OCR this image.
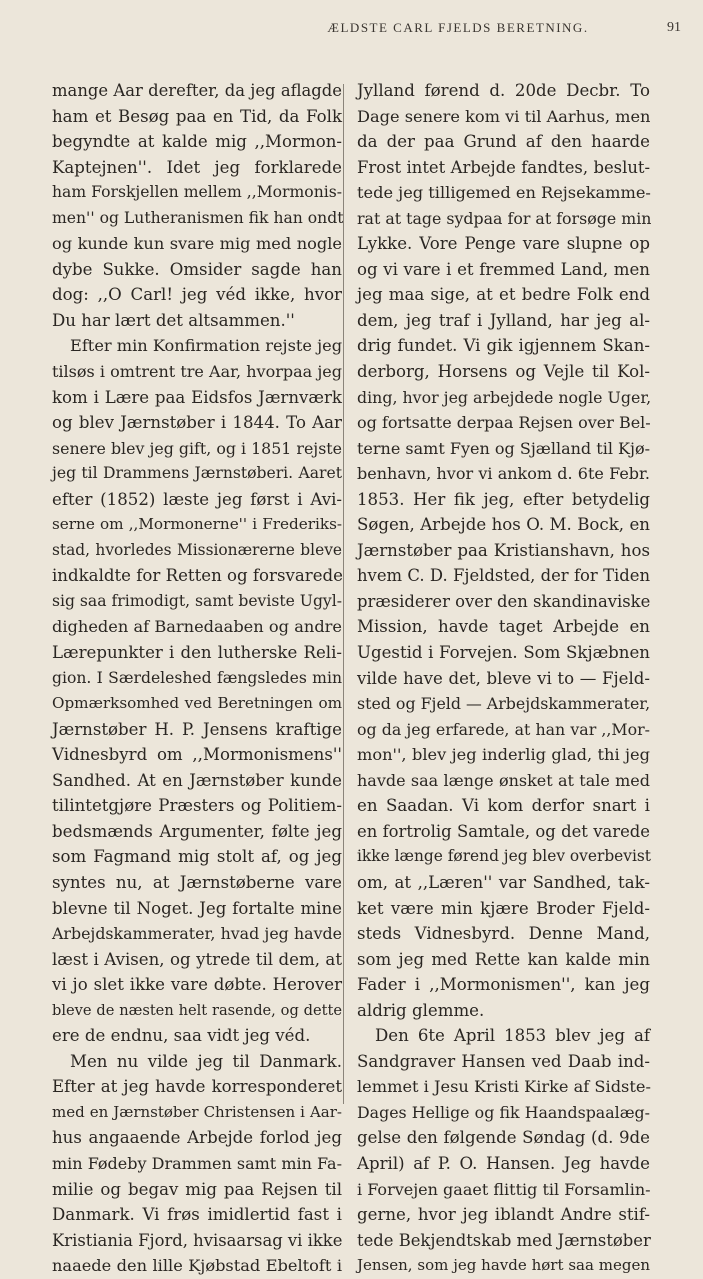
ÆLDSTE CARL FJELDS BERETNING.	91
mange Aar derefter, da jeg aflagde
ham et Besøg paa en Tid, da Folk
begyndte at kalde mig ,,Mormon-
Kaptejnen''. Idet jeg forklarede
ham Forskjellen mellem ,,Mormonis-
men'' og Lutheranismen fik han ondt
og kunde kun svare mig med nogle
dybe Sukke. Omsider sagde han
dog: ,,O Carl! jeg véd ikke, hvor
Du har lært det altsammen.''
Efter min Konfirmation rejste jeg
tilsøs i omtrent tre Aar, hvorpaa jeg
kom i Lære paa Eidsfos Jærnværk
og blev Jærnstøber i 1844. To Aar
senere blev jeg gift, og i 1851 rejste
jeg til Drammens Jærnstøberi. Aaret
efter (1852) læste jeg først i Avi-
serne om ,,Mormonerne'' i Frederiks-
stad, hvorledes Missionærerne bleve
indkaldte for Retten og forsvarede
sig saa frimodigt, samt beviste Ugyl-
digheden af Barnedaaben og andre
Lærepunkter i den lutherske Reli-
gion. I Særdeleshed fængsledes min
Opmærksomhed ved Beretningen om
Jærnstøber H. P. Jensens kraftige
Vidnesbyrd om ,,Mormonismens''
Sandhed. At en Jærnstøber kunde
tilintetgjøre Præsters og Politiem-
bedsmænds Argumenter, følte jeg
som Fagmand mig stolt af, og jeg
syntes nu, at Jærnstøberne vare
blevne til Noget. Jeg fortalte mine
Arbejdskammerater, hvad jeg havde
læst i Avisen, og ytrede til dem, at
vi jo slet ikke vare døbte. Herover
bleve de næsten helt rasende, og dette
ere de endnu, saa vidt jeg véd.
Men nu vilde jeg til Danmark.
Efter at jeg havde korresponderet
med en Jærnstøber Christensen i Aar-
hus angaaende Arbejde forlod jeg
min Fødeby Drammen samt min Fa-
milie og begav mig paa Rejsen til
Danmark. Vi frøs imidlertid fast i
Kristiania Fjord, hvisaarsag vi ikke
naaede den lille Kjøbstad Ebeltoft i
Jylland førend d. 20de Decbr. To
Dage senere kom vi til Aarhus, men
da der paa Grund af den haarde
Frost intet Arbejde fandtes, beslut-
tede jeg tilligemed en Rejsekamme-
rat at tage sydpaa for at forsøge min
Lykke. Vore Penge vare slupne op
og vi vare i et fremmed Land, men
jeg maa sige, at et bedre Folk end
dem, jeg traf i Jylland, har jeg al-
drig fundet. Vi gik igjennem Skan-
derborg, Horsens og Vejle til Kol-
ding, hvor jeg arbejdede nogle Uger,
og fortsatte derpaa Rejsen over Bel-
terne samt Fyen og Sjælland til Kjø-
benhavn, hvor vi ankom d. 6te Febr.
1853. Her fik jeg, efter betydelig
Søgen, Arbejde hos O. M. Bock, en
Jærnstøber paa Kristianshavn, hos
hvem C. D. Fjeldsted, der for Tiden
præsiderer over den skandinaviske
Mission, havde taget Arbejde en
Ugestid i Forvejen. Som Skjæbnen
vilde have det, bleve vi to — Fjeld-
sted og Fjeld — Arbejdskammerater,
og da jeg erfarede, at han var ,,Mor-
mon'', blev jeg inderlig glad, thi jeg
havde saa længe ønsket at tale med
en Saadan. Vi kom derfor snart i
en fortrolig Samtale, og det varede
ikke længe førend jeg blev overbevist
om, at ,,Læren'' var Sandhed, tak-
ket være min kjære Broder Fjeld-
steds Vidnesbyrd. Denne Mand,
som jeg med Rette kan kalde min
Fader i ,,Mormonismen'', kan jeg
aldrig glemme.
Den 6te April 1853 blev jeg af
Sandgraver Hansen ved Daab ind-
lemmet i Jesu Kristi Kirke af Sidste-
Dages Hellige og fik Haandspaalæg-
gelse den følgende Søndag (d. 9de
April) af P. O. Hansen. Jeg havde
i Forvejen gaaet flittig til Forsamlin-
gerne, hvor jeg iblandt Andre stif-
tede Bekjendtskab med Jærnstøber
Jensen, som jeg havde hørt saa megen
